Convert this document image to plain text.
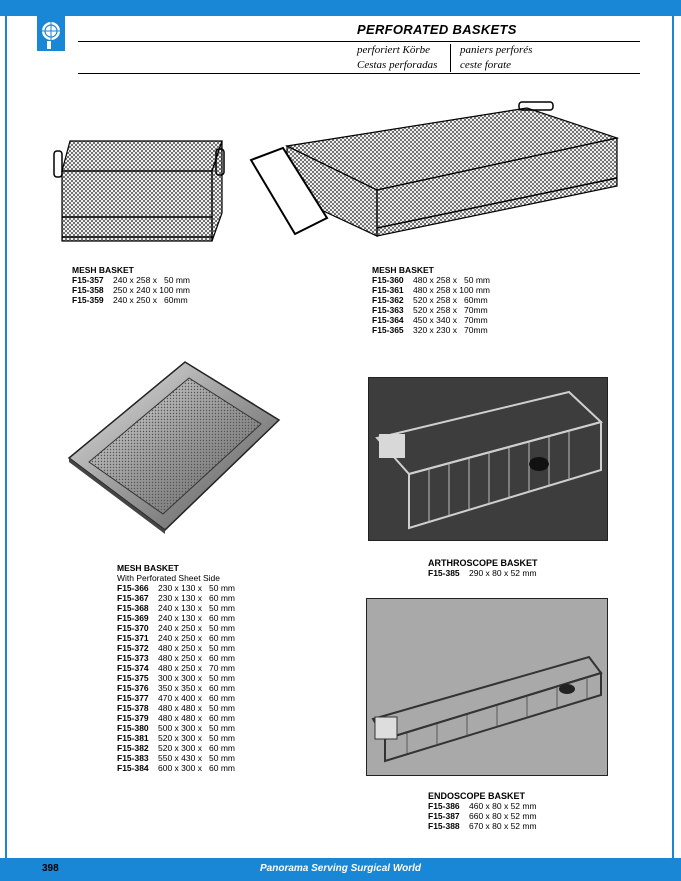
PERFORATED BASKETS
perforiert Körbe	paniers perforés
Cestas perforadas ceste forate
MESH BASKET
F15-357 240 x 258 x   50 mm
F15-358 250 x 240 x 100 mm
F15-359 240 x 250 x   60mm
MESH BASKET
F15-360 480 x 258 x   50 mm
F15-361 480 x 258 x 100 mm
F15-362 520 x 258 x   60mm
F15-363 520 x 258 x   70mm
F15-364 450 x 340 x   70mm
F15-365 320 x 230 x   70mm
MESH BASKET
With Perforated Sheet Side
F15-366 230 x 130 x   50 mm
F15-367 230 x 130 x   60 mm
F15-368 240 x 130 x   50 mm
F15-369 240 x 130 x   60 mm
F15-370 240 x 250 x   50 mm
F15-371 240 x 250 x   60 mm
F15-372 480 x 250 x   50 mm
F15-373 480 x 250 x   60 mm
F15-374 480 x 250 x   70 mm
F15-375 300 x 300 x   50 mm
F15-376 350 x 350 x   60 mm
F15-377 470 x 400 x   60 mm
F15-378 480 x 480 x   50 mm
F15-379 480 x 480 x   60 mm
F15-380 500 x 300 x   50 mm
F15-381 520 x 300 x   50 mm
F15-382 520 x 300 x   60 mm
F15-383 550 x 430 x   50 mm
F15-384 600 x 300 x   60 mm
ARTHROSCOPE BASKET
F15-385 290 x 80 x 52 mm
ENDOSCOPE BASKET
F15-386 460 x 80 x 52 mm
F15-387 660 x 80 x 52 mm
F15-388 670 x 80 x 52 mm
398	Panorama Serving Surgical World
